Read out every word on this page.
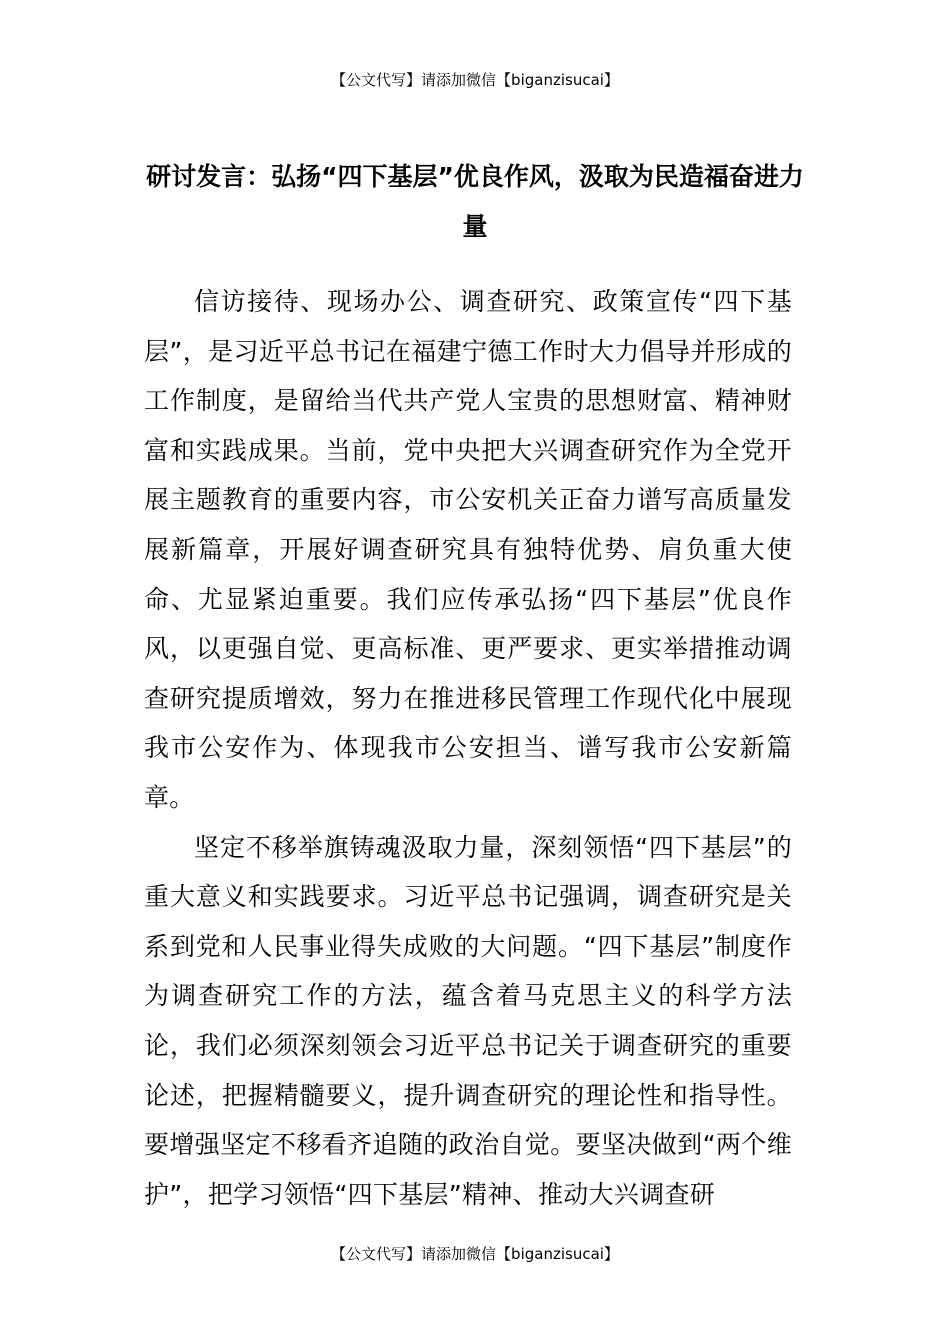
【公文代写】请添加微信【biganzisucai】
研讨发言：弘扬“四下基层”优良作风，汲取为民造福奋进力量

信访接待、现场办公、调查研究、政策宣传“四下基层”，是习近平总书记在福建宁德工作时大力倡导并形成的工作制度，是留给当代共产党人宝贵的思想财富、精神财富和实践成果。当前，党中央把大兴调查研究作为全党开展主题教育的重要内容，市公安机关正奋力谱写高质量发展新篇章，开展好调查研究具有独特优势、肩负重大使命、尤显紧迫重要。我们应传承弘扬“四下基层”优良作风，以更强自觉、更高标准、更严要求、更实举措推动调查研究提质增效，努力在推进移民管理工作现代化中展现我市公安作为、体现我市公安担当、谱写我市公安新篇章。

坚定不移举旗铸魂汲取力量，深刻领悟“四下基层”的重大意义和实践要求。习近平总书记强调，调查研究是关系到党和人民事业得失成败的大问题。“四下基层”制度作为调查研究工作的方法，蕴含着马克思主义的科学方法论，我们必须深刻领会习近平总书记关于调查研究的重要论述，把握精髓要义，提升调查研究的理论性和指导性。要增强坚定不移看齐追随的政治自觉。要坚决做到“两个维护”，把学习领悟“四下基层”精神、推动大兴调查研

【公文代写】请添加微信【biganzisucai】
